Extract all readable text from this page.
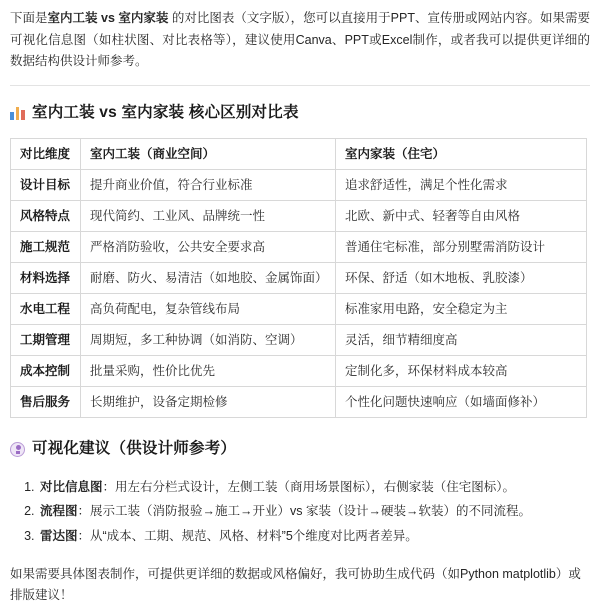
下面是室内工装 vs 室内家装 的对比图表（文字版），您可以直接用于PPT、宣传册或网站内容。如果需要可视化信息图（如柱状图、对比表格等），建议使用Canva、PPT或Excel制作，或者我可以提供更详细的数据结构供设计师参考。

室内工装 vs 室内家装 核心区别对比表
对比维度	室内工装（商业空间）	室内家装（住宅）
设计目标	提升商业价值，符合行业标准	追求舒适性，满足个性化需求
风格特点	现代简约、工业风、品牌统一性	北欧、新中式、轻奢等自由风格
施工规范	严格消防验收，公共安全要求高	普通住宅标准，部分别墅需消防设计
材料选择	耐磨、防火、易清洁（如地胶、金属饰面）	环保、舒适（如木地板、乳胶漆）
水电工程	高负荷配电，复杂管线布局	标准家用电路，安全稳定为主
工期管理	周期短，多工种协调（如消防、空调）	灵活，细节精细度高
成本控制	批量采购，性价比优先	定制化多，环保材料成本较高
售后服务	长期维护，设备定期检修	个性化问题快速响应（如墙面修补）
可视化建议（供设计师参考）
1. 对比信息图：用左右分栏式设计，左侧工装（商用场景图标），右侧家装（住宅图标）。
2. 流程图：展示工装（消防报验→施工→开业）vs 家装（设计→硬装→软装）的不同流程。
3. 雷达图：从“成本、工期、规范、风格、材料”5个维度对比两者差异。

如果需要具体图表制作，可提供更详细的数据或风格偏好，我可协助生成代码（如Python matplotlib）或排版建议！
